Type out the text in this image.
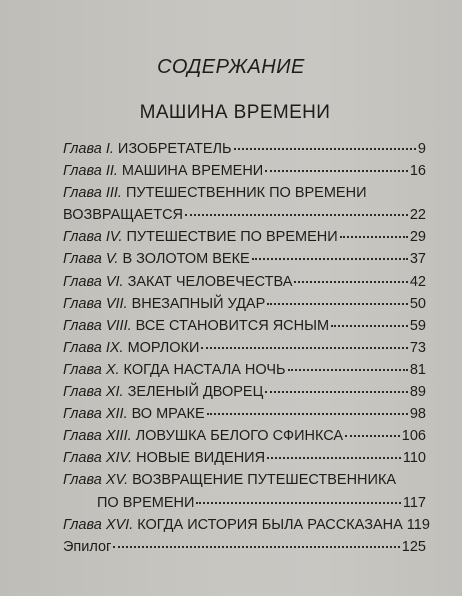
СОДЕРЖАНИЕ
МАШИНА ВРЕМЕНИ
Глава I. ИЗОБРЕТАТЕЛЬ	9
Глава II. МАШИНА ВРЕМЕНИ	16
Глава III. ПУТЕШЕСТВЕННИК ПО ВРЕМЕНИ
ВОЗВРАЩАЕТСЯ	22
Глава IV. ПУТЕШЕСТВИЕ ПО ВРЕМЕНИ	29
Глава V. В ЗОЛОТОМ ВЕКЕ	37
Глава VI. ЗАКАТ ЧЕЛОВЕЧЕСТВА	42
Глава VII. ВНЕЗАПНЫЙ УДАР	50
Глава VIII. ВСЕ СТАНОВИТСЯ ЯСНЫМ	59
Глава IX. МОРЛОКИ	73
Глава X. КОГДА НАСТАЛА НОЧЬ	81
Глава XI. ЗЕЛЕНЫЙ ДВОРЕЦ	89
Глава XII. ВО МРАКЕ	98
Глава XIII. ЛОВУШКА БЕЛОГО СФИНКСА	106
Глава XIV. НОВЫЕ ВИДЕНИЯ	110
Глава XV. ВОЗВРАЩЕНИЕ ПУТЕШЕСТВЕННИКА
ПО ВРЕМЕНИ	117
Глава XVI. КОГДА ИСТОРИЯ БЫЛА РАССКАЗАНА 119
Эпилог	125
